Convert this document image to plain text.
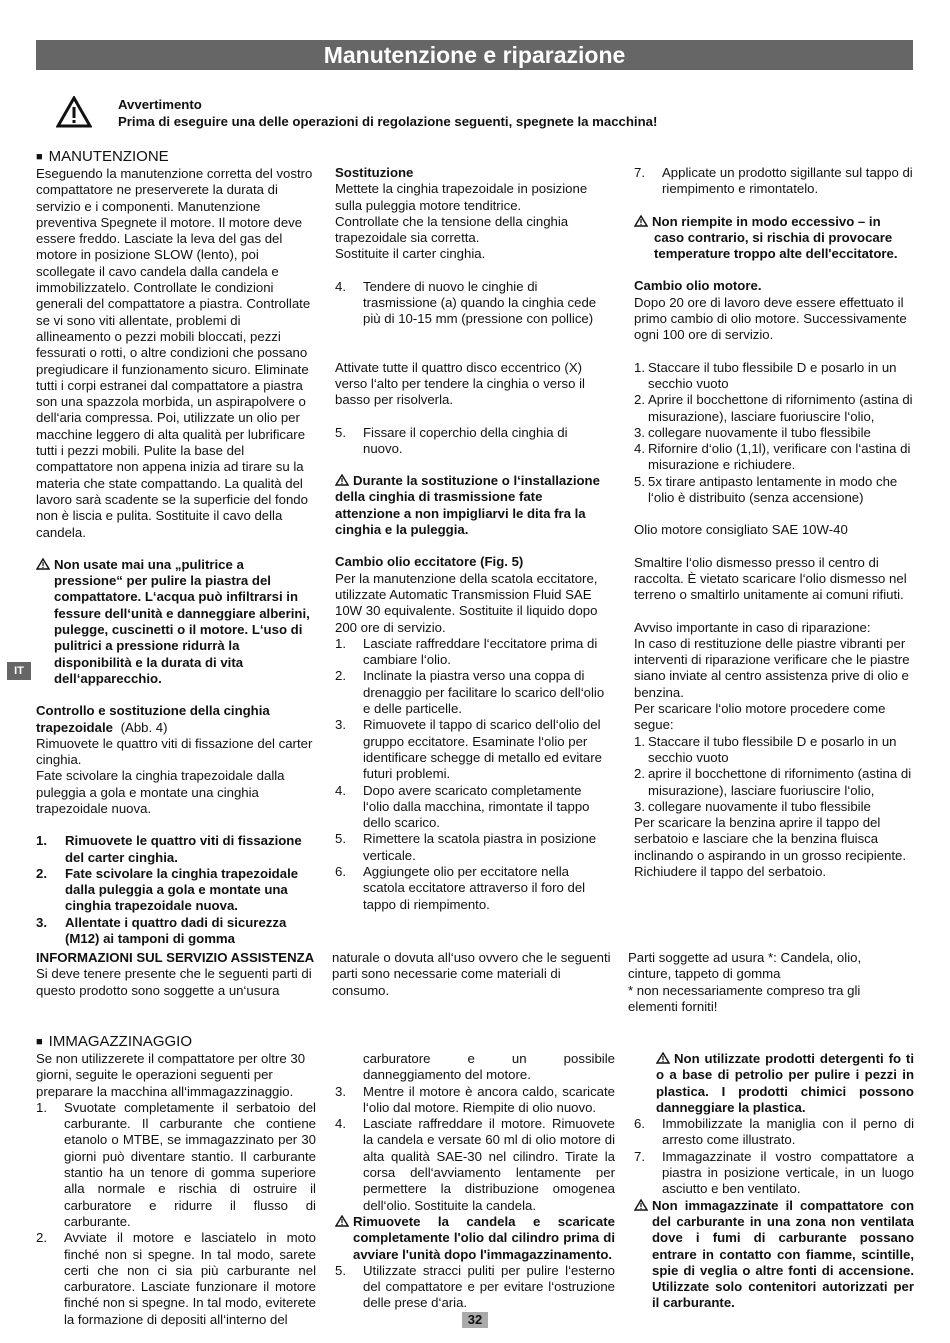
Manutenzione e riparazione
Avvertimento
Prima di eseguire una delle operazioni di regolazione seguenti, spegnete la macchina!
IT
■ MANUTENZIONE

Eseguendo la manutenzione corretta del vostro compattatore ne preserverete la durata di servizio e i componenti. Manutenzione preventiva Spegnete il motore. Il motore deve essere freddo. Lasciate la leva del gas del motore in posizione SLOW (lento), poi scollegate il cavo candela dalla candela e immobilizzatelo. Controllate le condizioni generali del compattatore a piastra. Controllate se vi sono viti allentate, problemi di allineamento o pezzi mobili bloccati, pezzi fessurati o rotti, o altre condizioni che possano pregiudicare il funzionamento sicuro. Eliminate tutti i corpi estranei dal compattatore a piastra son una spazzola morbida, un aspirapolvere o dell‘aria compressa. Poi, utilizzate un olio per macchine leggero di alta qualità per lubrificare tutti i pezzi mobili. Pulite la base del compattatore non appena inizia ad tirare su la materia che state compattando. La qualità del lavoro sarà scadente se la superficie del fondo non è liscia e pulita. Sostituite il cavo della candela.

Non usate mai una „pulitrice a pressione“ per pulire la piastra del compattatore. L‘acqua può infiltrarsi in fessure dell‘unità e danneggiare alberini, pulegge, cuscinetti o il motore. L‘uso di pulitrici a pressione ridurrà la disponibilità e la durata di vita dell‘apparecchio.

Controllo e sostituzione della cinghia trapezoidale (Abb. 4)

Rimuovete le quattro viti di fissazione del carter cinghia.
Fate scivolare la cinghia trapezoidale dalla puleggia a gola e montate una cinghia trapezoidale nuova.

1.	Rimuovete le quattro viti di fissazione del carter cinghia.
2.	Fate scivolare la cinghia trapezoidale dalla puleggia a gola e montate una cinghia trapezoidale nuova.
3.	Allentate i quattro dadi di sicurezza (M12) ai tamponi di gomma

Sostituzione

Mettete la cinghia trapezoidale in posizione sulla puleggia motore tenditrice.
Controllate che la tensione della cinghia trapezoidale sia corretta.
Sostituite il carter cinghia.

4.	Tendere di nuovo le cinghie di trasmissione (a) quando la cinghia cede più di 10-15 mm (pressione con pollice)

Attivate tutte il quattro disco eccentrico (X) verso l‘alto per tendere la cinghia o verso il basso per risolverla.

5.	Fissare il coperchio della cinghia di nuovo.

Durante la sostituzione o l‘installazione della cinghia di trasmissione fate attenzione a non impigliarvi le dita fra la cinghia e la puleggia.

Cambio olio eccitatore (Fig. 5)

Per la manutenzione della scatola eccitatore, utilizzate Automatic Transmission Fluid SAE 10W 30 equivalente. Sostituite il liquido dopo 200 ore di servizio.

1.	Lasciate raffreddare l‘eccitatore prima di cambiare l‘olio.
2.	Inclinate la piastra verso una coppa di drenaggio per facilitare lo scarico dell‘olio e delle particelle.
3.	Rimuovete il tappo di scarico dell‘olio del gruppo eccitatore. Esaminate l‘olio per identificare schegge di metallo ed evitare futuri problemi.
4.	Dopo avere scaricato completamente l‘olio dalla macchina, rimontate il tappo dello scarico.
5.	Rimettere la scatola piastra in posizione verticale.
6.	Aggiungete olio per eccitatore nella scatola eccitatore attraverso il foro del tappo di riempimento.
7.	Applicate un prodotto sigillante sul tappo di riempimento e rimontatelo.

Non riempite in modo eccessivo – in caso contrario, si rischia di provocare temperature troppo alte dell'eccitatore.

Cambio olio motore.

Dopo 20 ore di lavoro deve essere effettuato il primo cambio di olio motore. Successivamente ogni 100 ore di servizio.

1. Staccare il tubo flessibile D e posarlo in un secchio vuoto
2. Aprire il bocchettone di rifornimento (astina di misurazione), lasciare fuoriuscire l‘olio,
3. collegare nuovamente il tubo flessibile
4. Rifornire d‘olio (1,1l), verificare con l‘astina di misurazione e richiudere.
5. 5x tirare antipasto lentamente in modo che l‘olio è distribuito (senza accensione)

Olio motore consigliato SAE 10W-40

Smaltire l‘olio dismesso presso il centro di raccolta. È vietato scaricare l‘olio dismesso nel terreno o smaltirlo unitamente ai comuni rifiuti.

Avviso importante in caso di riparazione:
In caso di restituzione delle piastre vibranti per interventi di riparazione verificare che le piastre siano inviate al centro assistenza prive di olio e benzina.
Per scaricare l‘olio motore procedere come segue:

1. Staccare il tubo flessibile D e posarlo in un secchio vuoto
2. aprire il bocchettone di rifornimento (astina di misurazione), lasciare fuoriuscire l‘olio,
3. collegare nuovamente il tubo flessibile

Per scaricare la benzina aprire il tappo del serbatoio e lasciare che la benzina fluisca inclinando o aspirando in un grosso recipiente. Richiudere il tappo del serbatoio.

INFORMAZIONI SUL SERVIZIO ASSISTENZA

Si deve tenere presente che le seguenti parti di questo prodotto sono soggette a un‘usura

naturale o dovuta all‘uso ovvero che le seguenti parti sono necessarie come materiali di consumo.

Parti soggette ad usura *: Candela, olio, cinture, tappeto di gomma

* non necessariamente compreso tra gli elementi forniti!

■ IMMAGAZZINAGGIO

Se non utilizzerete il compattatore per oltre 30 giorni, seguite le operazioni seguenti per preparare la macchina all‘immagazzinaggio.

1.	Svuotate completamente il serbatoio del carburante. Il carburante che contiene etanolo o MTBE, se immagazzinato per 30 giorni può diventare stantio. Il carburante stantio ha un tenore di gomma superiore alla normale e rischia di ostruire il carburatore e ridurre il flusso di carburante.
2.	Avviate il motore e lasciatelo in moto finché non si spegne. In tal modo, sarete certi che non ci sia più carburante nel carburatore. Lasciate funzionare il motore finché non si spegne. In tal modo, eviterete la formazione di depositi all‘interno del

carburatore e un possibile danneggiamento del motore.

3.	Mentre il motore è ancora caldo, scaricate l‘olio dal motore. Riempite di olio nuovo.
4.	Lasciate raffreddare il motore. Rimuovete la candela e versate 60 ml di olio motore di alta qualità SAE-30 nel cilindro. Tirate la corsa dell‘avviamento lentamente per permettere la distribuzione omogenea dell‘olio. Sostituite la candela.

Rimuovete la candela e scaricate completamente l'olio dal cilindro prima di avviare l'unità dopo l'immagazzinamento.

5.	Utilizzate stracci puliti per pulire l‘esterno del compattatore e per evitare l‘ostruzione delle prese d‘aria.

Non utilizzate prodotti detergenti fo ti o a base di petrolio per pulire i pezzi in plastica. I prodotti chimici possono danneggiare la plastica.

6.	Immobilizzate la maniglia con il perno di arresto come illustrato.
7.	Immagazzinate il vostro compattatore a piastra in posizione verticale, in un luogo asciutto e ben ventilato.

Non immagazzinate il compattatore con del carburante in una zona non ventilata dove i fumi di carburante possano entrare in contatto con fiamme, scintille, spie di veglia o altre fonti di accensione. Utilizzate solo contenitori autorizzati per il carburante.

32
